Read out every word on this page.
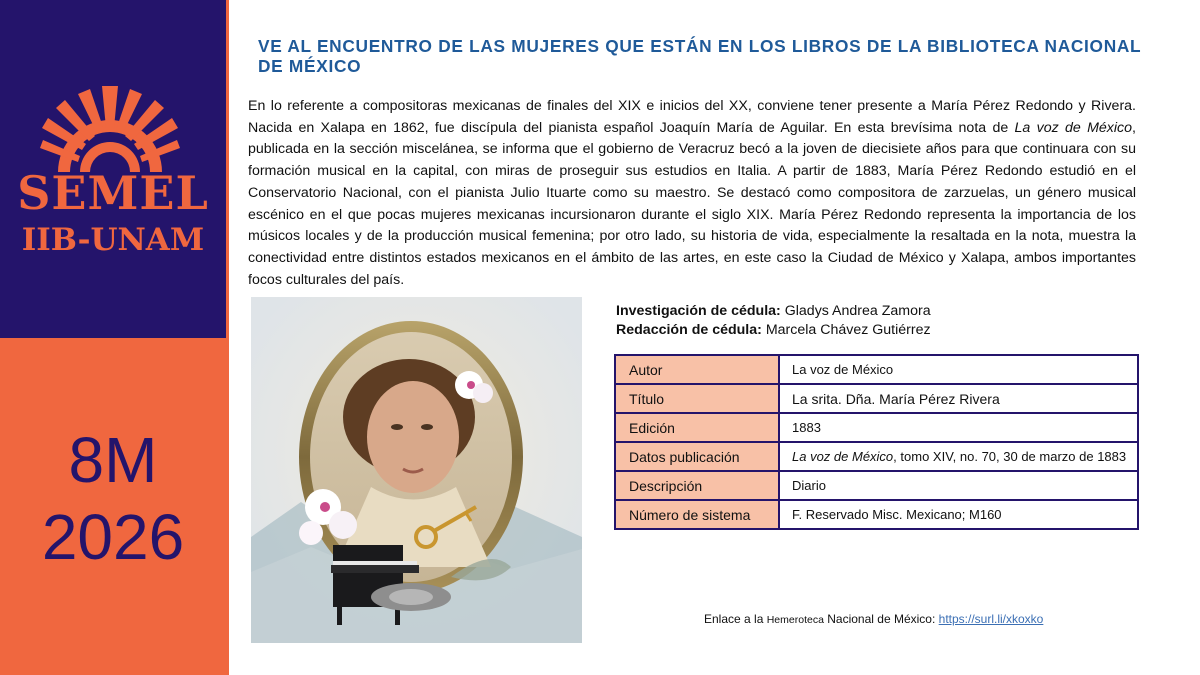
SEMEL
IIB-UNAM
8M
2026
VE AL ENCUENTRO DE LAS MUJERES QUE ESTÁN EN LOS LIBROS DE LA BIBLIOTECA NACIONAL DE MÉXICO

En lo referente a compositoras mexicanas de finales del XIX e inicios del XX, conviene tener presente a María Pérez Redondo y Rivera. Nacida en Xalapa en 1862, fue discípula del pianista español Joaquín María de Aguilar. En esta brevísima nota de La voz de México, publicada en la sección miscelánea, se informa que el gobierno de Veracruz becó a la joven de diecisiete años para que continuara con su formación musical en la capital, con miras de proseguir sus estudios en Italia. A partir de 1883, María Pérez Redondo estudió en el Conservatorio Nacional, con el pianista Julio Ituarte como su maestro. Se destacó como compositora de zarzuelas, un género musical escénico en el que pocas mujeres mexicanas incursionaron durante el siglo XIX. María Pérez Redondo representa la importancia de los músicos locales y de la producción musical femenina; por otro lado, su historia de vida, especialmente la resaltada en la nota, muestra la conectividad entre distintos estados mexicanos en el ámbito de las artes, en este caso la Ciudad de México y Xalapa, ambos importantes focos culturales del país.

Investigación de cédula: Gladys Andrea Zamora
Redacción de cédula: Marcela Chávez Gutiérrez
Autor	La voz de México
Título	La srita. Dña. María Pérez Rivera
Edición	1883
Datos publicación	La voz de México, tomo XIV, no. 70, 30 de marzo de 1883
Descripción	Diario
Número de sistema	F. Reservado Misc. Mexicano; M160
Enlace a la Hemeroteca Nacional de México: https://surl.li/xkoxko
